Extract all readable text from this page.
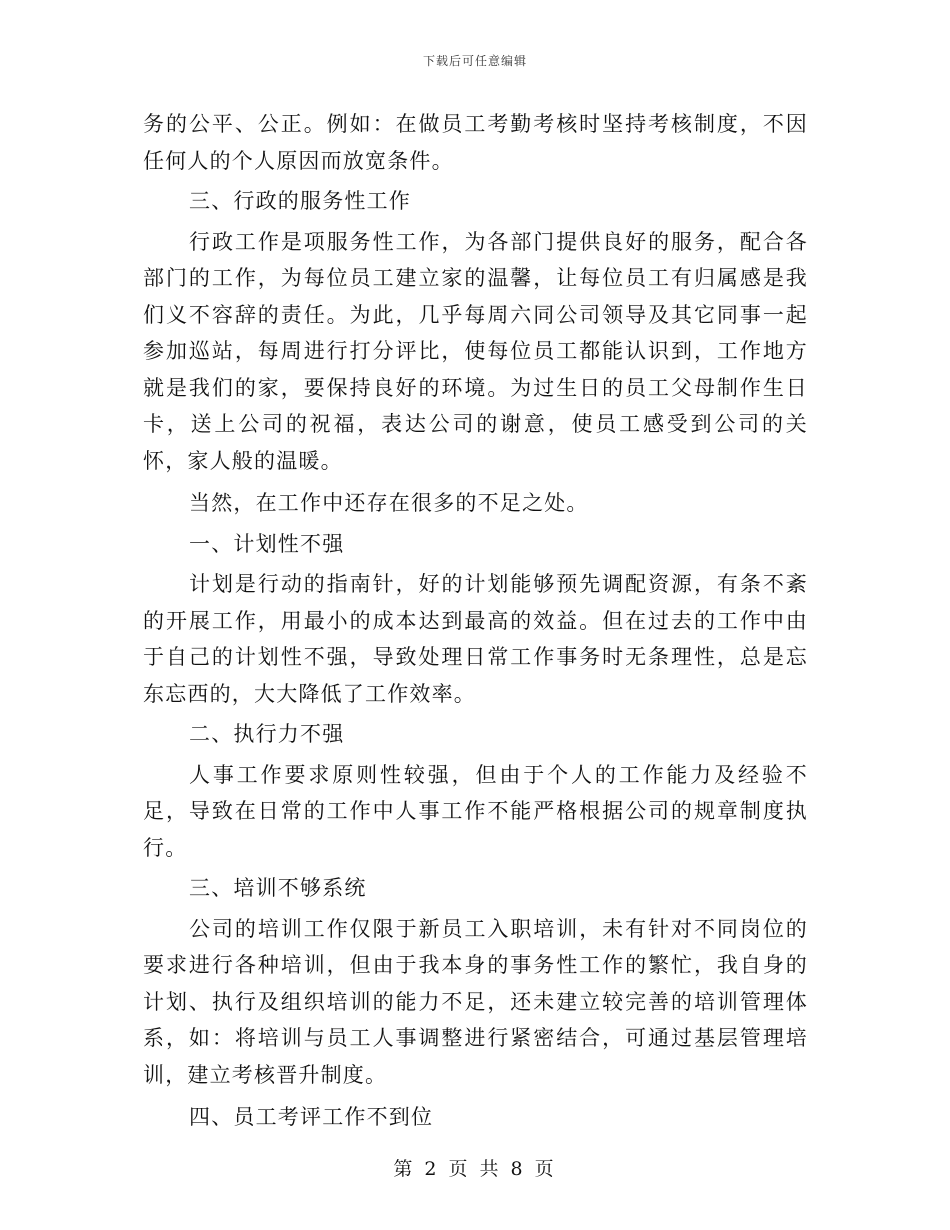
下载后可任意编辑

务的公平、公正。例如：在做员工考勤考核时坚持考核制度，不因任何人的个人原因而放宽条件。

三、行政的服务性工作

行政工作是项服务性工作，为各部门提供良好的服务，配合各部门的工作，为每位员工建立家的温馨，让每位员工有归属感是我们义不容辞的责任。为此，几乎每周六同公司领导及其它同事一起参加巡站，每周进行打分评比，使每位员工都能认识到，工作地方就是我们的家，要保持良好的环境。为过生日的员工父母制作生日卡，送上公司的祝福，表达公司的谢意，使员工感受到公司的关怀，家人般的温暖。

当然，在工作中还存在很多的不足之处。

一、计划性不强

计划是行动的指南针，好的计划能够预先调配资源，有条不紊的开展工作，用最小的成本达到最高的效益。但在过去的工作中由于自己的计划性不强，导致处理日常工作事务时无条理性，总是忘东忘西的，大大降低了工作效率。

二、执行力不强

人事工作要求原则性较强，但由于个人的工作能力及经验不足，导致在日常的工作中人事工作不能严格根据公司的规章制度执行。

三、培训不够系统

公司的培训工作仅限于新员工入职培训，未有针对不同岗位的要求进行各种培训，但由于我本身的事务性工作的繁忙，我自身的计划、执行及组织培训的能力不足，还未建立较完善的培训管理体系，如：将培训与员工人事调整进行紧密结合，可通过基层管理培训，建立考核晋升制度。

四、员工考评工作不到位

第 2 页 共 8 页
